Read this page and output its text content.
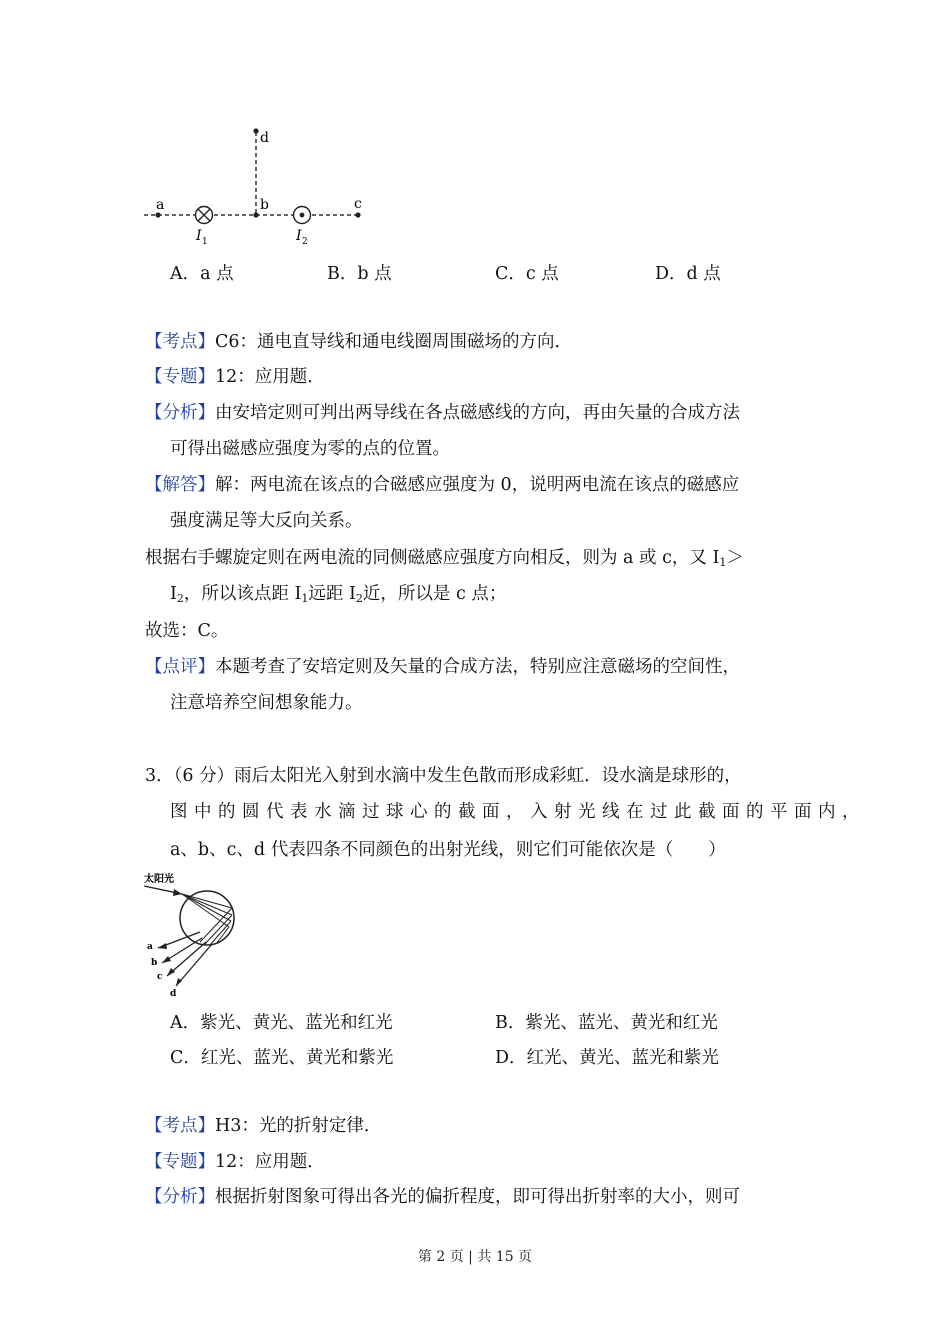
a	b	c
d
I 1	I 2
A．a 点	B．b 点	C．c 点	D．d 点
【考点】C6：通电直导线和通电线圈周围磁场的方向．
【专题】12：应用题．
【分析】由安培定则可判出两导线在各点磁感线的方向，再由矢量的合成方法
可得出磁感应强度为零的点的位置。
【解答】解：两电流在该点的合磁感应强度为 0，说明两电流在该点的磁感应
强度满足等大反向关系。
根据右手螺旋定则在两电流的同侧磁感应强度方向相反，则为 a 或 c，又 $I_1>$
$I_2$，所以该点距 $I_1$远距 $I_2$近，所以是 c 点；
故选：C。
【点评】本题考查了安培定则及矢量的合成方法，特别应注意磁场的空间性，
注意培养空间想象能力。
3．（6 分）雨后太阳光入射到水滴中发生色散而形成彩虹．设水滴是球形的，
图中的圆代表水滴过球心的截面，入射光线在过此截面的平面内，
a、b、c、d 代表四条不同颜色的出射光线，则它们可能依次是（　　）
太阳光
a
b
c
d
A．紫光、黄光、蓝光和红光	B．紫光、蓝光、黄光和红光
C．红光、蓝光、黄光和紫光	D．红光、黄光、蓝光和紫光
【考点】H3：光的折射定律．
【专题】12：应用题．
【分析】根据折射图象可得出各光的偏折程度，即可得出折射率的大小，则可
第 2 页 | 共 15 页
